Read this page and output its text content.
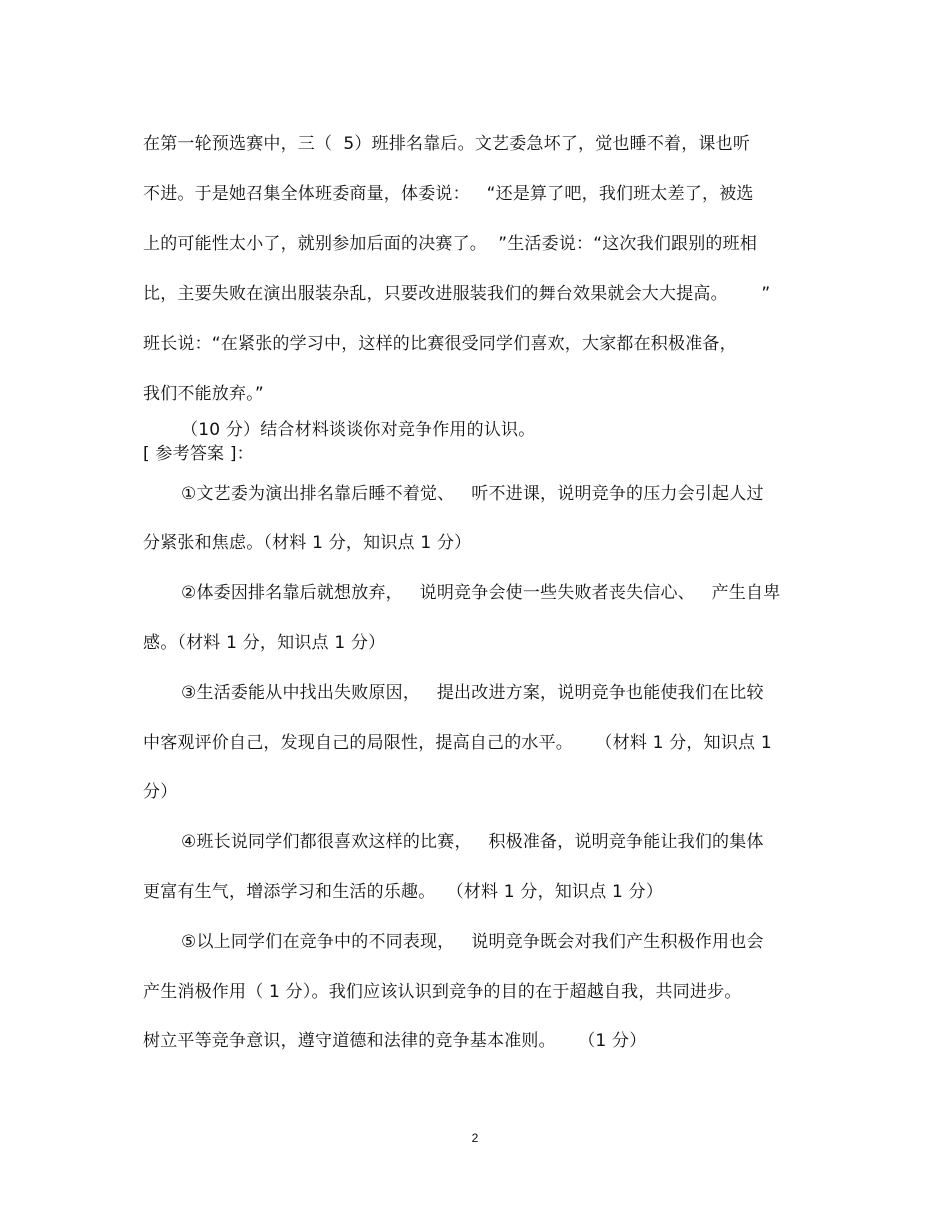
在第一轮预选赛中，三（  5）班排名靠后。文艺委急坏了，觉也睡不着，课也听
不进。于是她召集全体班委商量，体委说：   “还是算了吧，我们班太差了，被选
上的可能性太小了，就别参加后面的决赛了。  ”生活委说：“这次我们跟别的班相
比，主要失败在演出服装杂乱，只要改进服装我们的舞台效果就会大大提高。      ”
班长说：“在紧张的学习中，这样的比赛很受同学们喜欢，大家都在积极准备，
我们不能放弃。”
（10 分）结合材料谈谈你对竞争作用的认识。
[ 参考答案 ]：
①文艺委为演出排名靠后睡不着觉、   听不进课，说明竞争的压力会引起人过
分紧张和焦虑。（材料 1 分，知识点 1 分）
②体委因排名靠后就想放弃，   说明竞争会使一些失败者丧失信心、   产生自卑
感。（材料 1 分，知识点 1 分）
③生活委能从中找出失败原因，   提出改进方案，说明竞争也能使我们在比较
中客观评价自己，发现自己的局限性，提高自己的水平。    （材料 1 分，知识点 1
分）
④班长说同学们都很喜欢这样的比赛，   积极准备，说明竞争能让我们的集体
更富有生气，增添学习和生活的乐趣。  （材料 1 分，知识点 1 分）
⑤以上同学们在竞争中的不同表现，   说明竞争既会对我们产生积极作用也会
产生消极作用（ 1 分）。我们应该认识到竞争的目的在于超越自我，共同进步。
树立平等竞争意识，遵守道德和法律的竞争基本准则。    （1 分）
2
